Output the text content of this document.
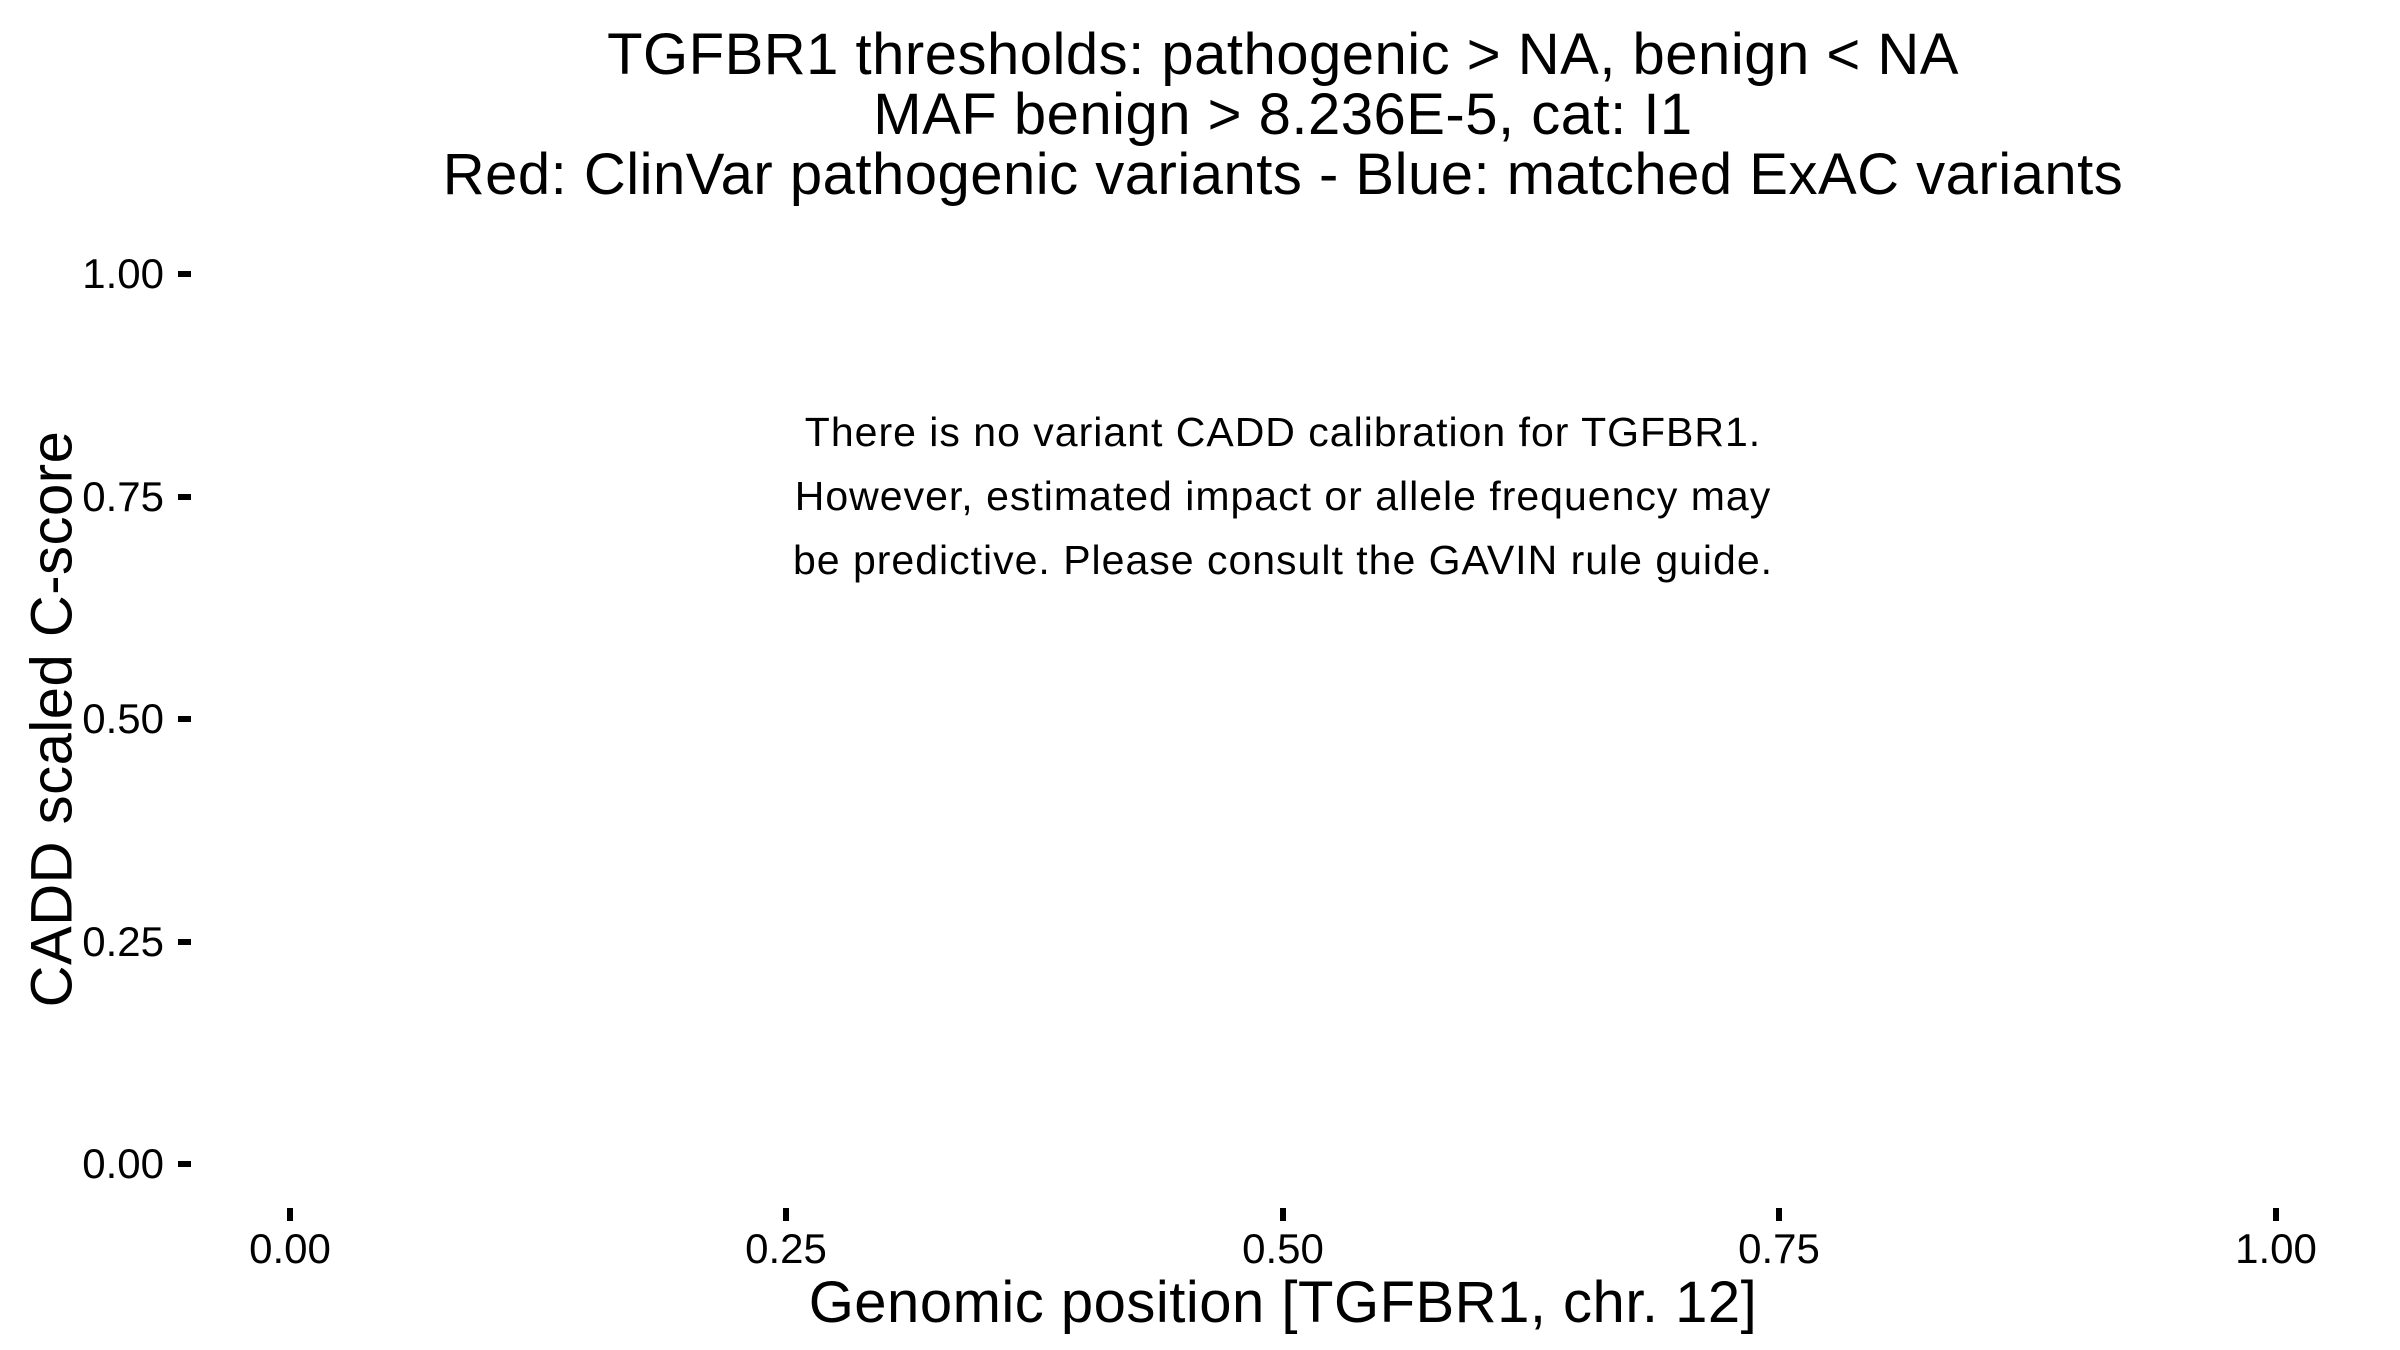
TGFBR1 thresholds: pathogenic > NA, benign < NA
MAF benign > 8.236E-5, cat: I1
Red: ClinVar pathogenic variants - Blue: matched ExAC variants
There is no variant CADD calibration for TGFBR1.
However, estimated impact or allele frequency may
be predictive. Please consult the GAVIN rule guide.
CADD scaled C-score
1.00
0.75
0.50
0.25
0.00
0.00	0.25	0.50	0.75	1.00
Genomic position [TGFBR1, chr. 12]
